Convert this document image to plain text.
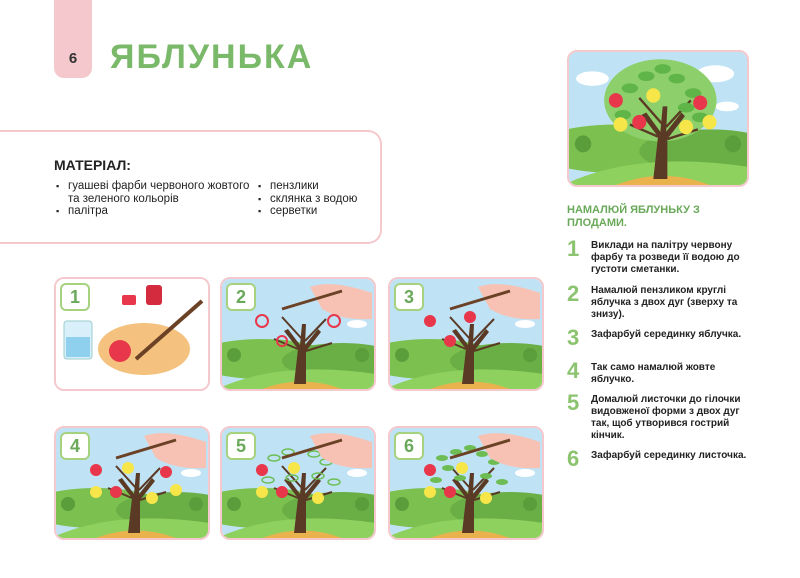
6 ЯБЛУНЬКА
МАТЕРІАЛ:
▪ гуашеві фарби червоного жовтого та зеленого кольорів
▪ палітра
▪ пензлики
▪ склянка з водою
▪ серветки
1	2	3
4	5	6
НАМАЛЮЙ ЯБЛУНЬКУ З ПЛОДАМИ.
1	Виклади на палітру червону фарбу та розведи її водою до густоти сметанки.
2	Намалюй пензликом круглі яблучка з двох дуг (зверху та знизу).
3	Зафарбуй серединку яблучка.
4	Так само намалюй жовте яблучко.
5	Домалюй листочки до гілочки видовженої форми з двох дуг так, щоб утворився гострий кінчик.
6	Зафарбуй серединку листочка.
